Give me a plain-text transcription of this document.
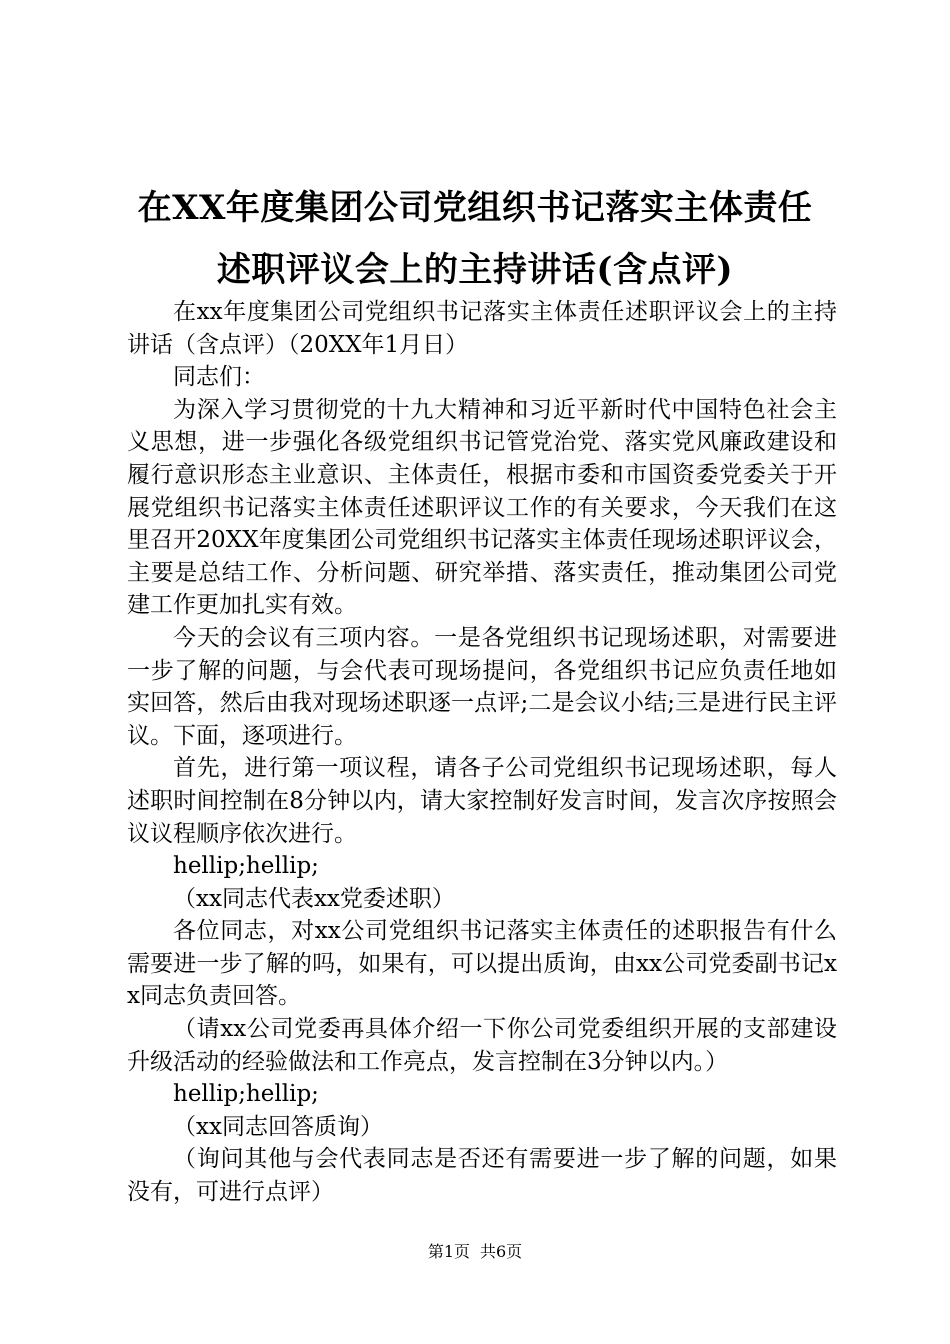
在XX年度集团公司党组织书记落实主体责任
述职评议会上的主持讲话(含点评)

在xx年度集团公司党组织书记落实主体责任述职评议会上的主持讲话（含点评）（20XX年1月日）

同志们：

为深入学习贯彻党的十九大精神和习近平新时代中国特色社会主义思想，进一步强化各级党组织书记管党治党、落实党风廉政建设和履行意识形态主业意识、主体责任，根据市委和市国资委党委关于开展党组织书记落实主体责任述职评议工作的有关要求，今天我们在这里召开20XX年度集团公司党组织书记落实主体责任现场述职评议会，主要是总结工作、分析问题、研究举措、落实责任，推动集团公司党建工作更加扎实有效。

今天的会议有三项内容。一是各党组织书记现场述职，对需要进一步了解的问题，与会代表可现场提问，各党组织书记应负责任地如实回答，然后由我对现场述职逐一点评;二是会议小结;三是进行民主评议。下面，逐项进行。

首先，进行第一项议程，请各子公司党组织书记现场述职，每人述职时间控制在8分钟以内，请大家控制好发言时间，发言次序按照会议议程顺序依次进行。

hellip;hellip;

（xx同志代表xx党委述职）

各位同志，对xx公司党组织书记落实主体责任的述职报告有什么需要进一步了解的吗，如果有，可以提出质询，由xx公司党委副书记xx同志负责回答。

（请xx公司党委再具体介绍一下你公司党委组织开展的支部建设升级活动的经验做法和工作亮点，发言控制在3分钟以内。）

hellip;hellip;

（xx同志回答质询）

（询问其他与会代表同志是否还有需要进一步了解的问题，如果没有，可进行点评）

第1页 共6页
